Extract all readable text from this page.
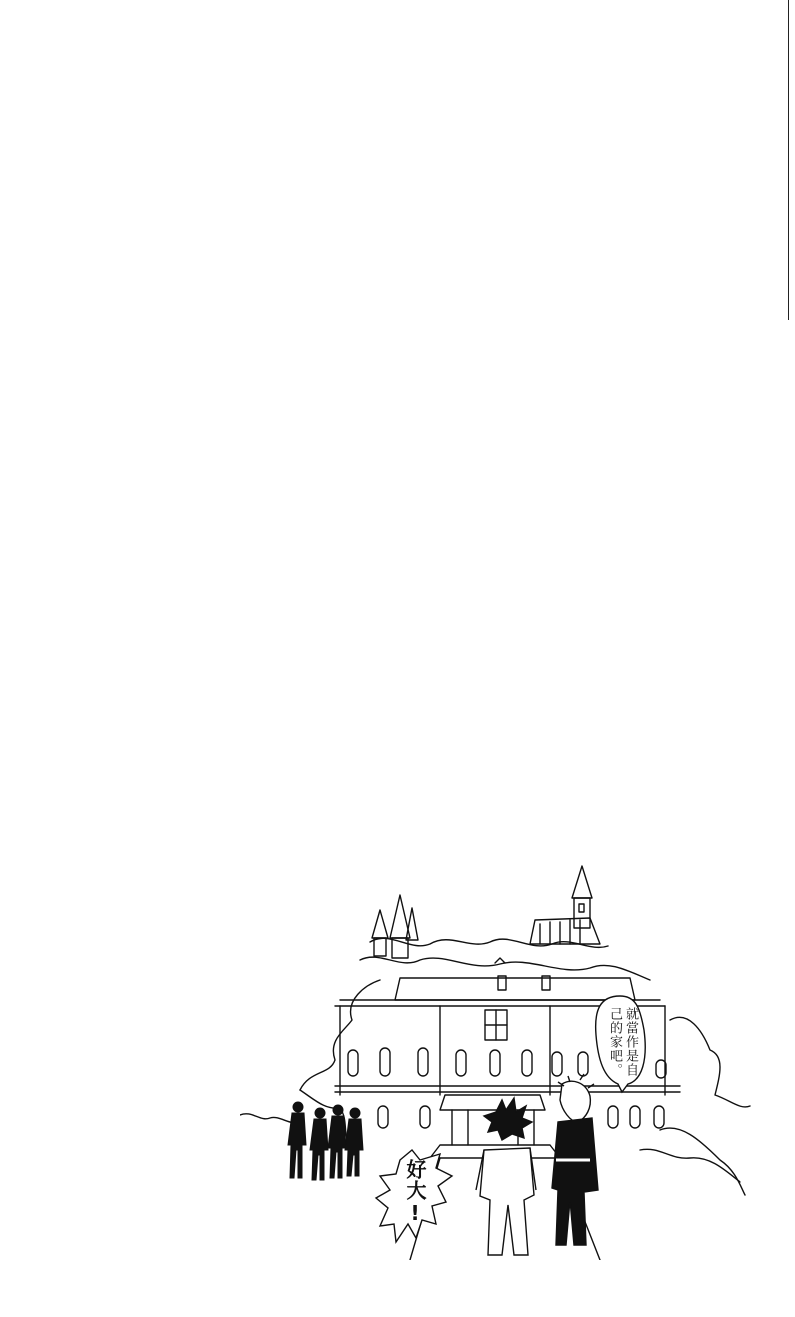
就當作是自
己的家吧。
好大!
